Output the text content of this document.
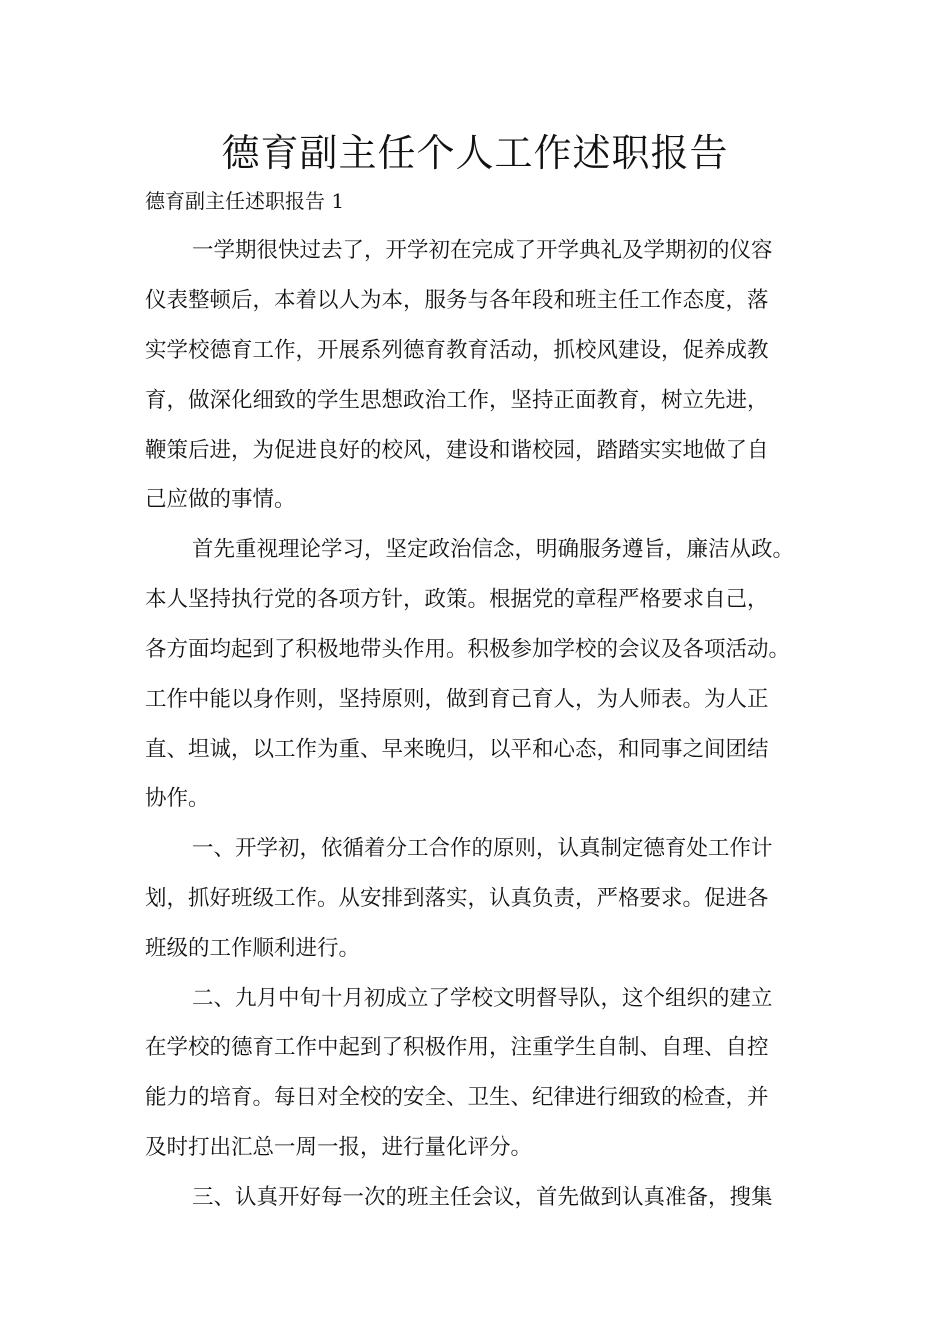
德育副主任个人工作述职报告

德育副主任述职报告 1

一学期很快过去了，开学初在完成了开学典礼及学期初的仪容

仪表整顿后，本着以人为本，服务与各年段和班主任工作态度，落

实学校德育工作，开展系列德育教育活动，抓校风建设，促养成教

育，做深化细致的学生思想政治工作，坚持正面教育，树立先进，

鞭策后进，为促进良好的校风，建设和谐校园，踏踏实实地做了自

己应做的事情。

首先重视理论学习，坚定政治信念，明确服务遵旨，廉洁从政。

本人坚持执行党的各项方针，政策。根据党的章程严格要求自己，

各方面均起到了积极地带头作用。积极参加学校的会议及各项活动。

工作中能以身作则，坚持原则，做到育己育人，为人师表。为人正

直、坦诚，以工作为重、早来晚归，以平和心态，和同事之间团结

协作。

一、开学初，依循着分工合作的原则，认真制定德育处工作计

划，抓好班级工作。从安排到落实，认真负责，严格要求。促进各

班级的工作顺利进行。

二、九月中旬十月初成立了学校文明督导队，这个组织的建立

在学校的德育工作中起到了积极作用，注重学生自制、自理、自控

能力的培育。每日对全校的安全、卫生、纪律进行细致的检查，并

及时打出汇总一周一报，进行量化评分。

三、认真开好每一次的班主任会议，首先做到认真准备，搜集
